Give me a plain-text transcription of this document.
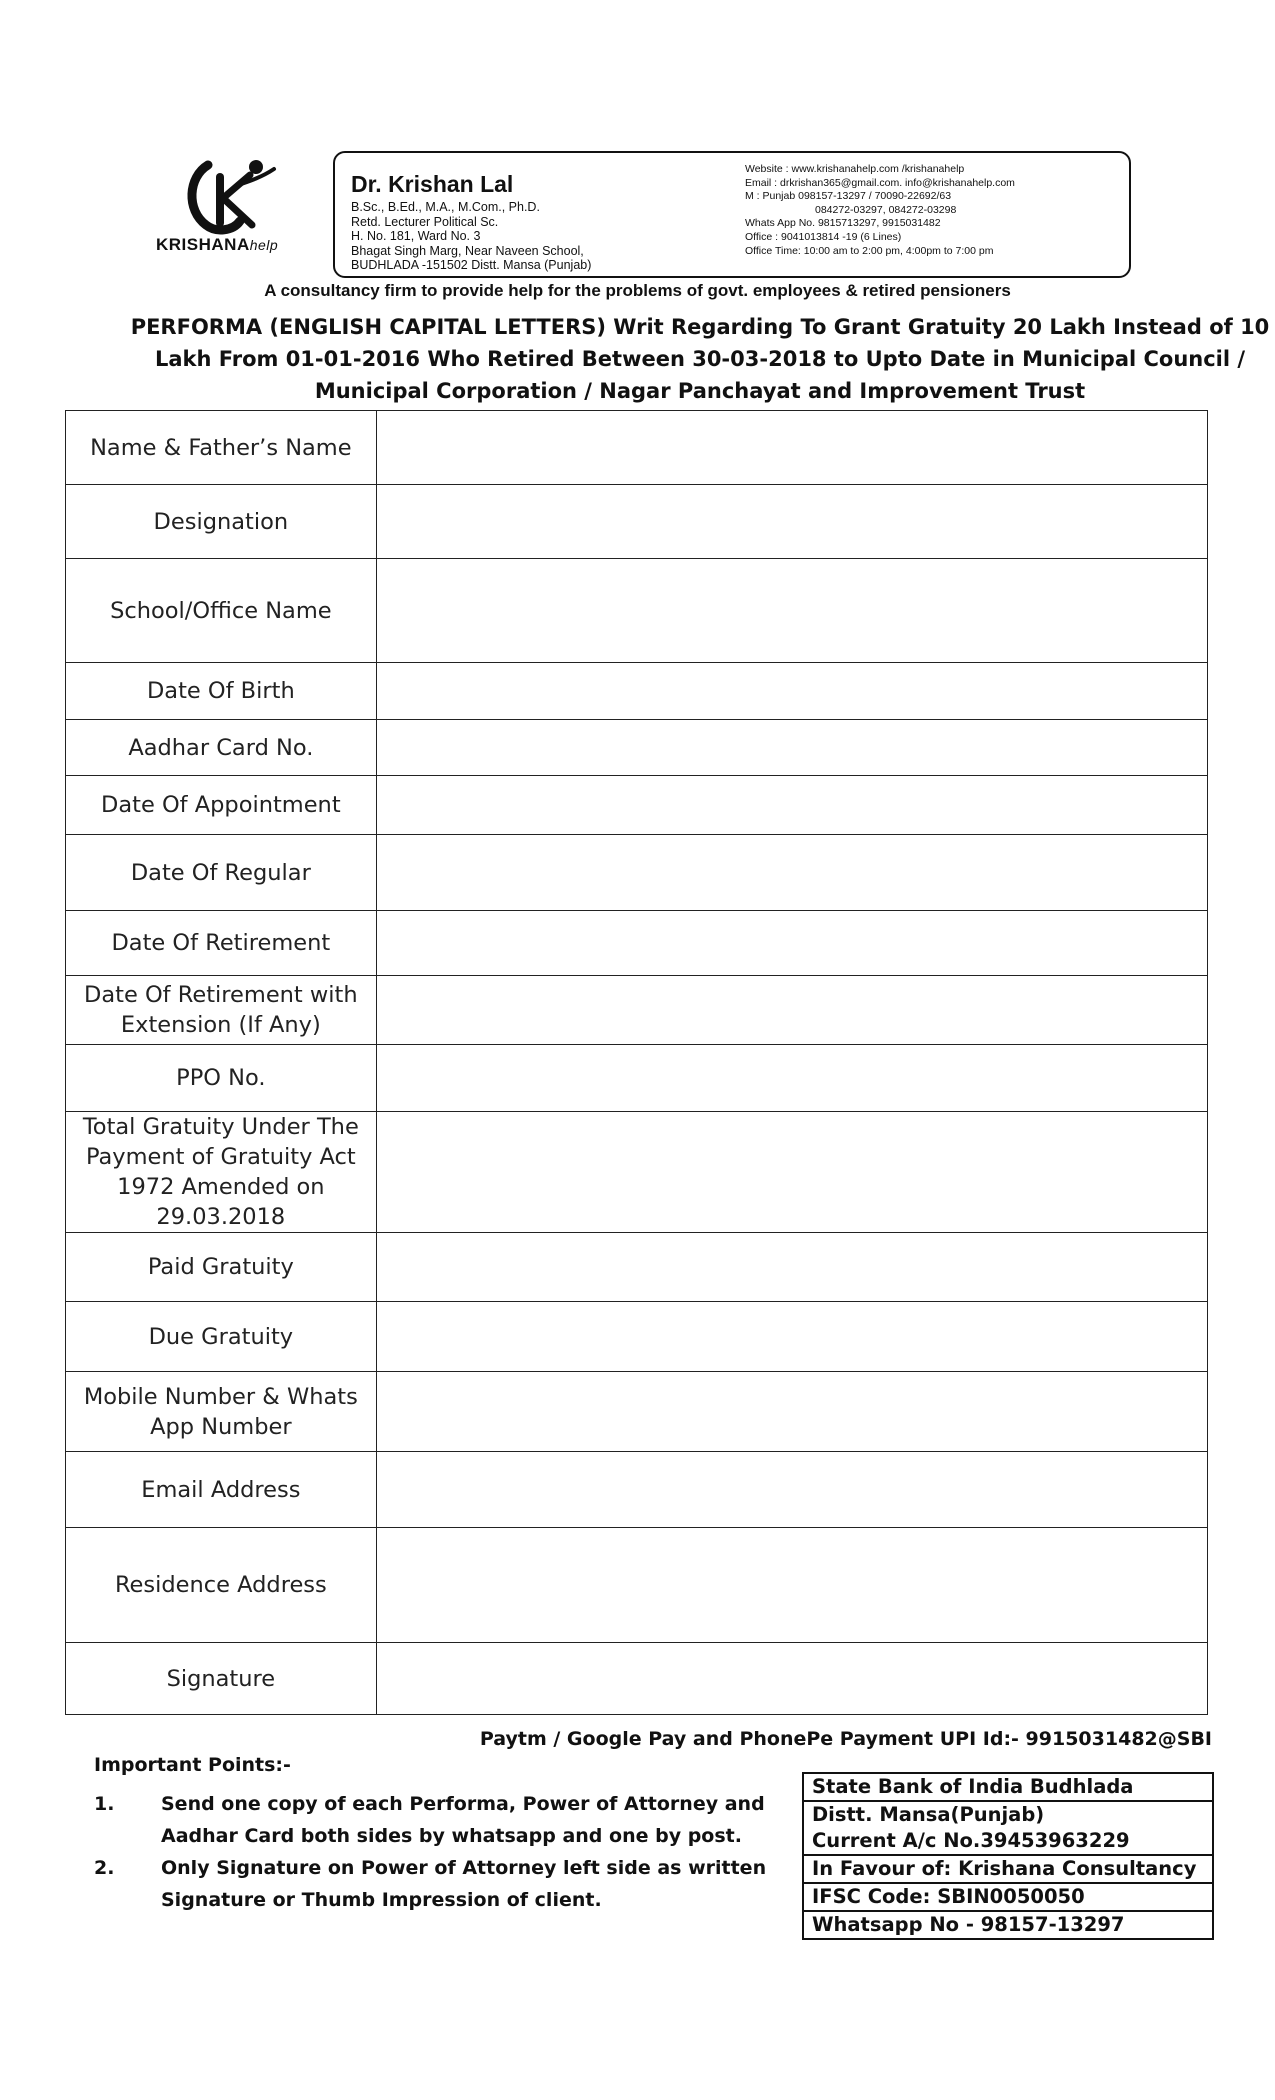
KRISHANAhelp
Dr. Krishan Lal
B.Sc., B.Ed., M.A., M.Com., Ph.D.
Retd. Lecturer Political Sc.
H. No. 181, Ward No. 3
Bhagat Singh Marg, Near Naveen School,
BUDHLADA -151502 Distt. Mansa (Punjab)
Website : www.krishanahelp.com /krishanahelp
Email : drkrishan365@gmail.com. info@krishanahelp.com
M : Punjab 098157-13297 / 70090-22692/63
084272-03297, 084272-03298
Whats App No. 9815713297, 9915031482
Office : 9041013814 -19 (6 Lines)
Office Time: 10:00 am to 2:00 pm, 4:00pm to 7:00 pm
A consultancy firm to provide help for the problems of govt. employees & retired pensioners
PERFORMA (ENGLISH CAPITAL LETTERS) Writ Regarding To Grant Gratuity 20 Lakh Instead of 10 Lakh From 01-01-2016 Who Retired Between 30-03-2018 to Upto Date in Municipal Council / Municipal Corporation / Nagar Panchayat and Improvement Trust
Name & Father’s Name	
Designation	
School/Office Name	
Date Of Birth	
Aadhar Card No.	
Date Of Appointment	
Date Of Regular	
Date Of Retirement	
Date Of Retirement with Extension (If Any)	
PPO No.	
Total Gratuity Under The Payment of Gratuity Act 1972 Amended on 29.03.2018	
Paid Gratuity	
Due Gratuity	
Mobile Number & Whats App Number	
Email Address	
Residence Address	
Signature	
Paytm / Google Pay and PhonePe Payment UPI Id:- 9915031482@SBI
Important Points:-
1. Send one copy of each Performa, Power of Attorney and Aadhar Card both sides by whatsapp and one by post.
2. Only Signature on Power of Attorney left side as written Signature or Thumb Impression of client.
State Bank of India Budhlada

Distt. Mansa(Punjab)
Current A/c No.39453963229

In Favour of: Krishana Consultancy
IFSC Code: SBIN0050050
Whatsapp No - 98157-13297
